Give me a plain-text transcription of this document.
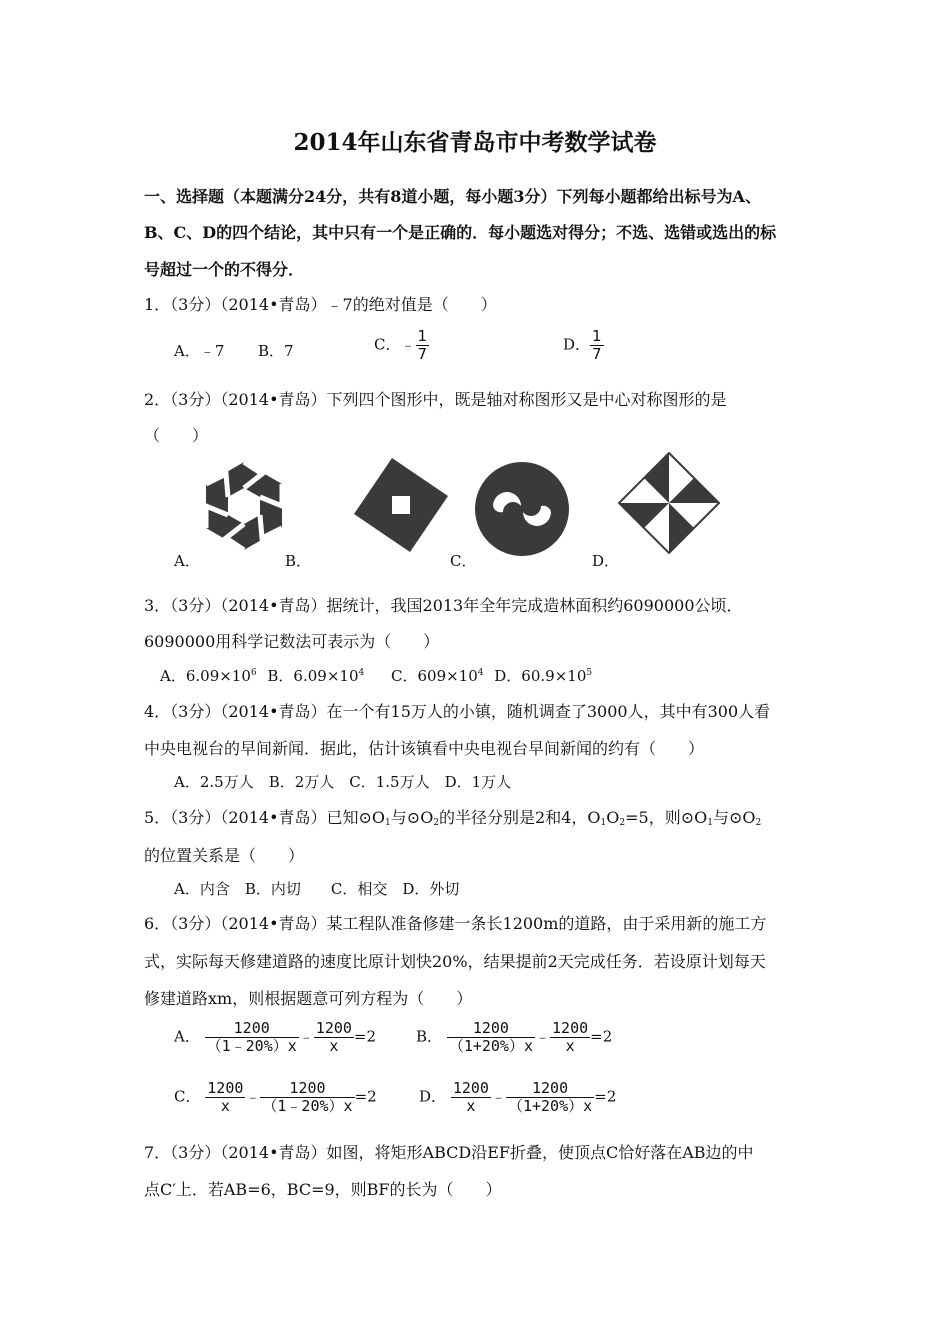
2014年山东省青岛市中考数学试卷
一、选择题（本题满分24分，共有8道小题，每小题3分）下列每小题都给出标号为A、
B、C、D的四个结论，其中只有一个是正确的．每小题选对得分；不选、选错或选出的标
号超过一个的不得分．
1．（3分）（2014•青岛）﹣7的绝对值是（　　）
A．﹣7 B．7	C．﹣ $\frac{1}{7}$	D． $\frac{1}{7}$
2．（3分）（2014•青岛）下列四个图形中，既是轴对称图形又是中心对称图形的是
（　　）
A．	B．	C．	D．
3．（3分）（2014•青岛）据统计，我国2013年全年完成造林面积约6090000公顷．
6090000用科学记数法可表示为（　　）
A．$6.09\times 10^6$ B．$6.09\times 10^4$ C．$609\times 10^4$ D．$60.9\times 10^5$
4．（3分）（2014•青岛）在一个有15万人的小镇，随机调查了3000人，其中有300人看
中央电视台的早间新闻．据此，估计该镇看中央电视台早间新闻的约有（　　）
A．2.5万人　B．2万人　C．1.5万人　D．1万人
5．（3分）（2014•青岛）已知$⊙O_1$与$⊙O_2$的半径分别是2和4，$O_1O_2=5$，则$⊙O_1$与$⊙O_2$
的位置关系是（　　）
A．内含　B．内切　　C．相交　D．外切
6．（3分）（2014•青岛）某工程队准备修建一条长1200m的道路，由于采用新的施工方
式，实际每天修建道路的速度比原计划快20%，结果提前2天完成任务．若设原计划每天
修建道路xm，则根据题意可列方程为（　　）
A． $\frac{1200}{(1﹣20\%)x}$ ﹣ $\frac{1200}{x} =2$	B． $\frac{1200}{(1+20\%)x}$ ﹣ $\frac{1200}{x} =2$
C． $\frac{1200}{x}$ ﹣ $\frac{1200}{(1﹣20\%)x} =2$	D． $\frac{1200}{x}$ ﹣ $\frac{1200}{(1+20\%)x} =2$
7．（3分）（2014•青岛）如图，将矩形ABCD沿EF折叠，使顶点C恰好落在AB边的中
点C′上．若AB=6，BC=9，则BF的长为（　　）
